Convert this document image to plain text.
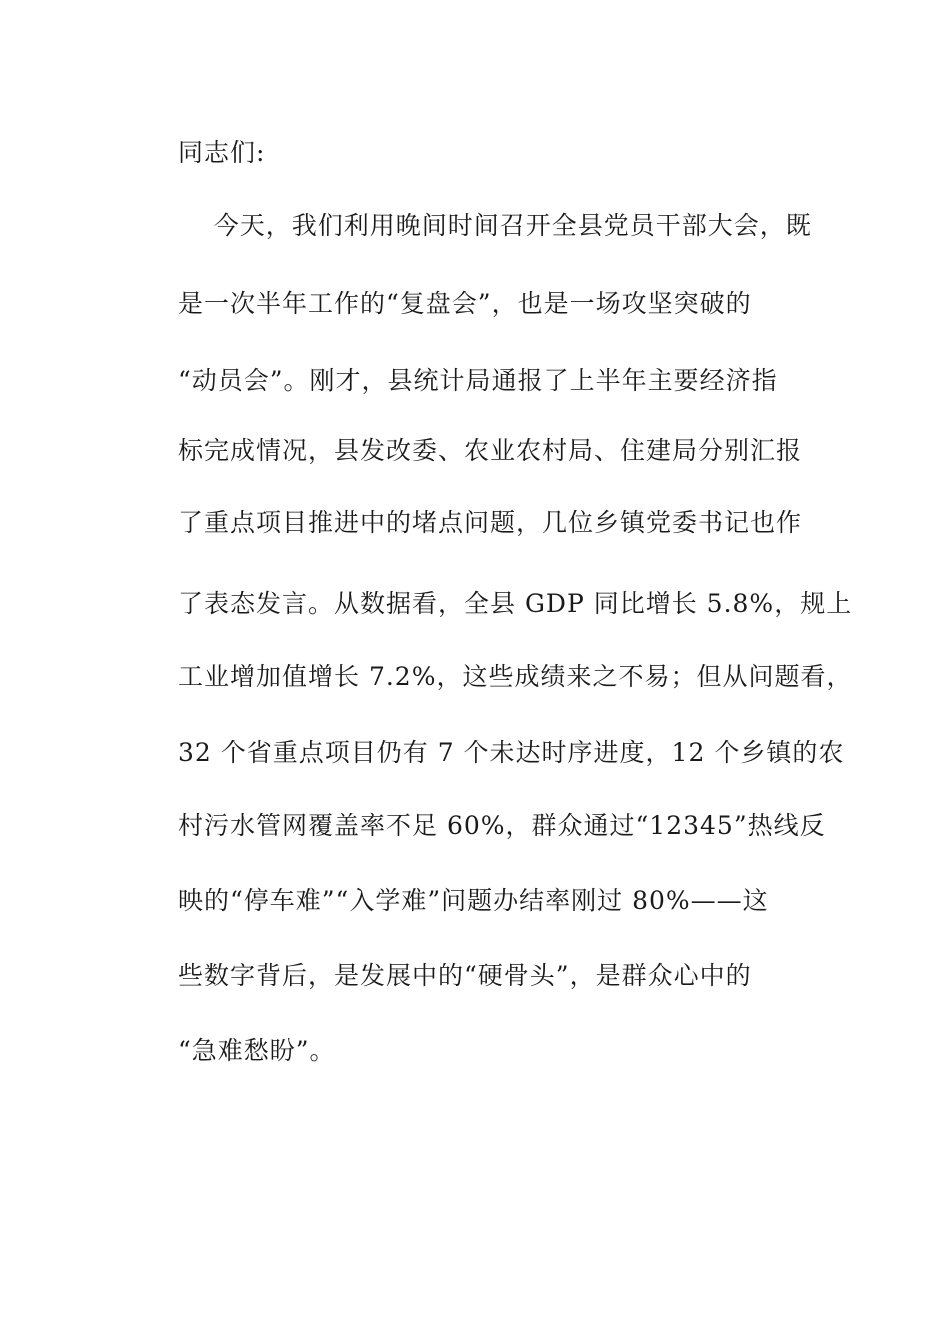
同志们:
今天，我们利用晚间时间召开全县党员干部大会，既
是一次半年工作的“复盘会”，也是一场攻坚突破的
“动员会”。刚才，县统计局通报了上半年主要经济指
标完成情况，县发改委、农业农村局、住建局分别汇报
了重点项目推进中的堵点问题，几位乡镇党委书记也作
了表态发言。从数据看，全县 GDP 同比增长 5.8%，规上
工业增加值增长 7.2%，这些成绩来之不易；但从问题看，
32 个省重点项目仍有 7 个未达时序进度，12 个乡镇的农
村污水管网覆盖率不足 60%，群众通过“12345”热线反
映的“停车难”“入学难”问题办结率刚过 80%——这
些数字背后，是发展中的“硬骨头”，是群众心中的
“急难愁盼”。
